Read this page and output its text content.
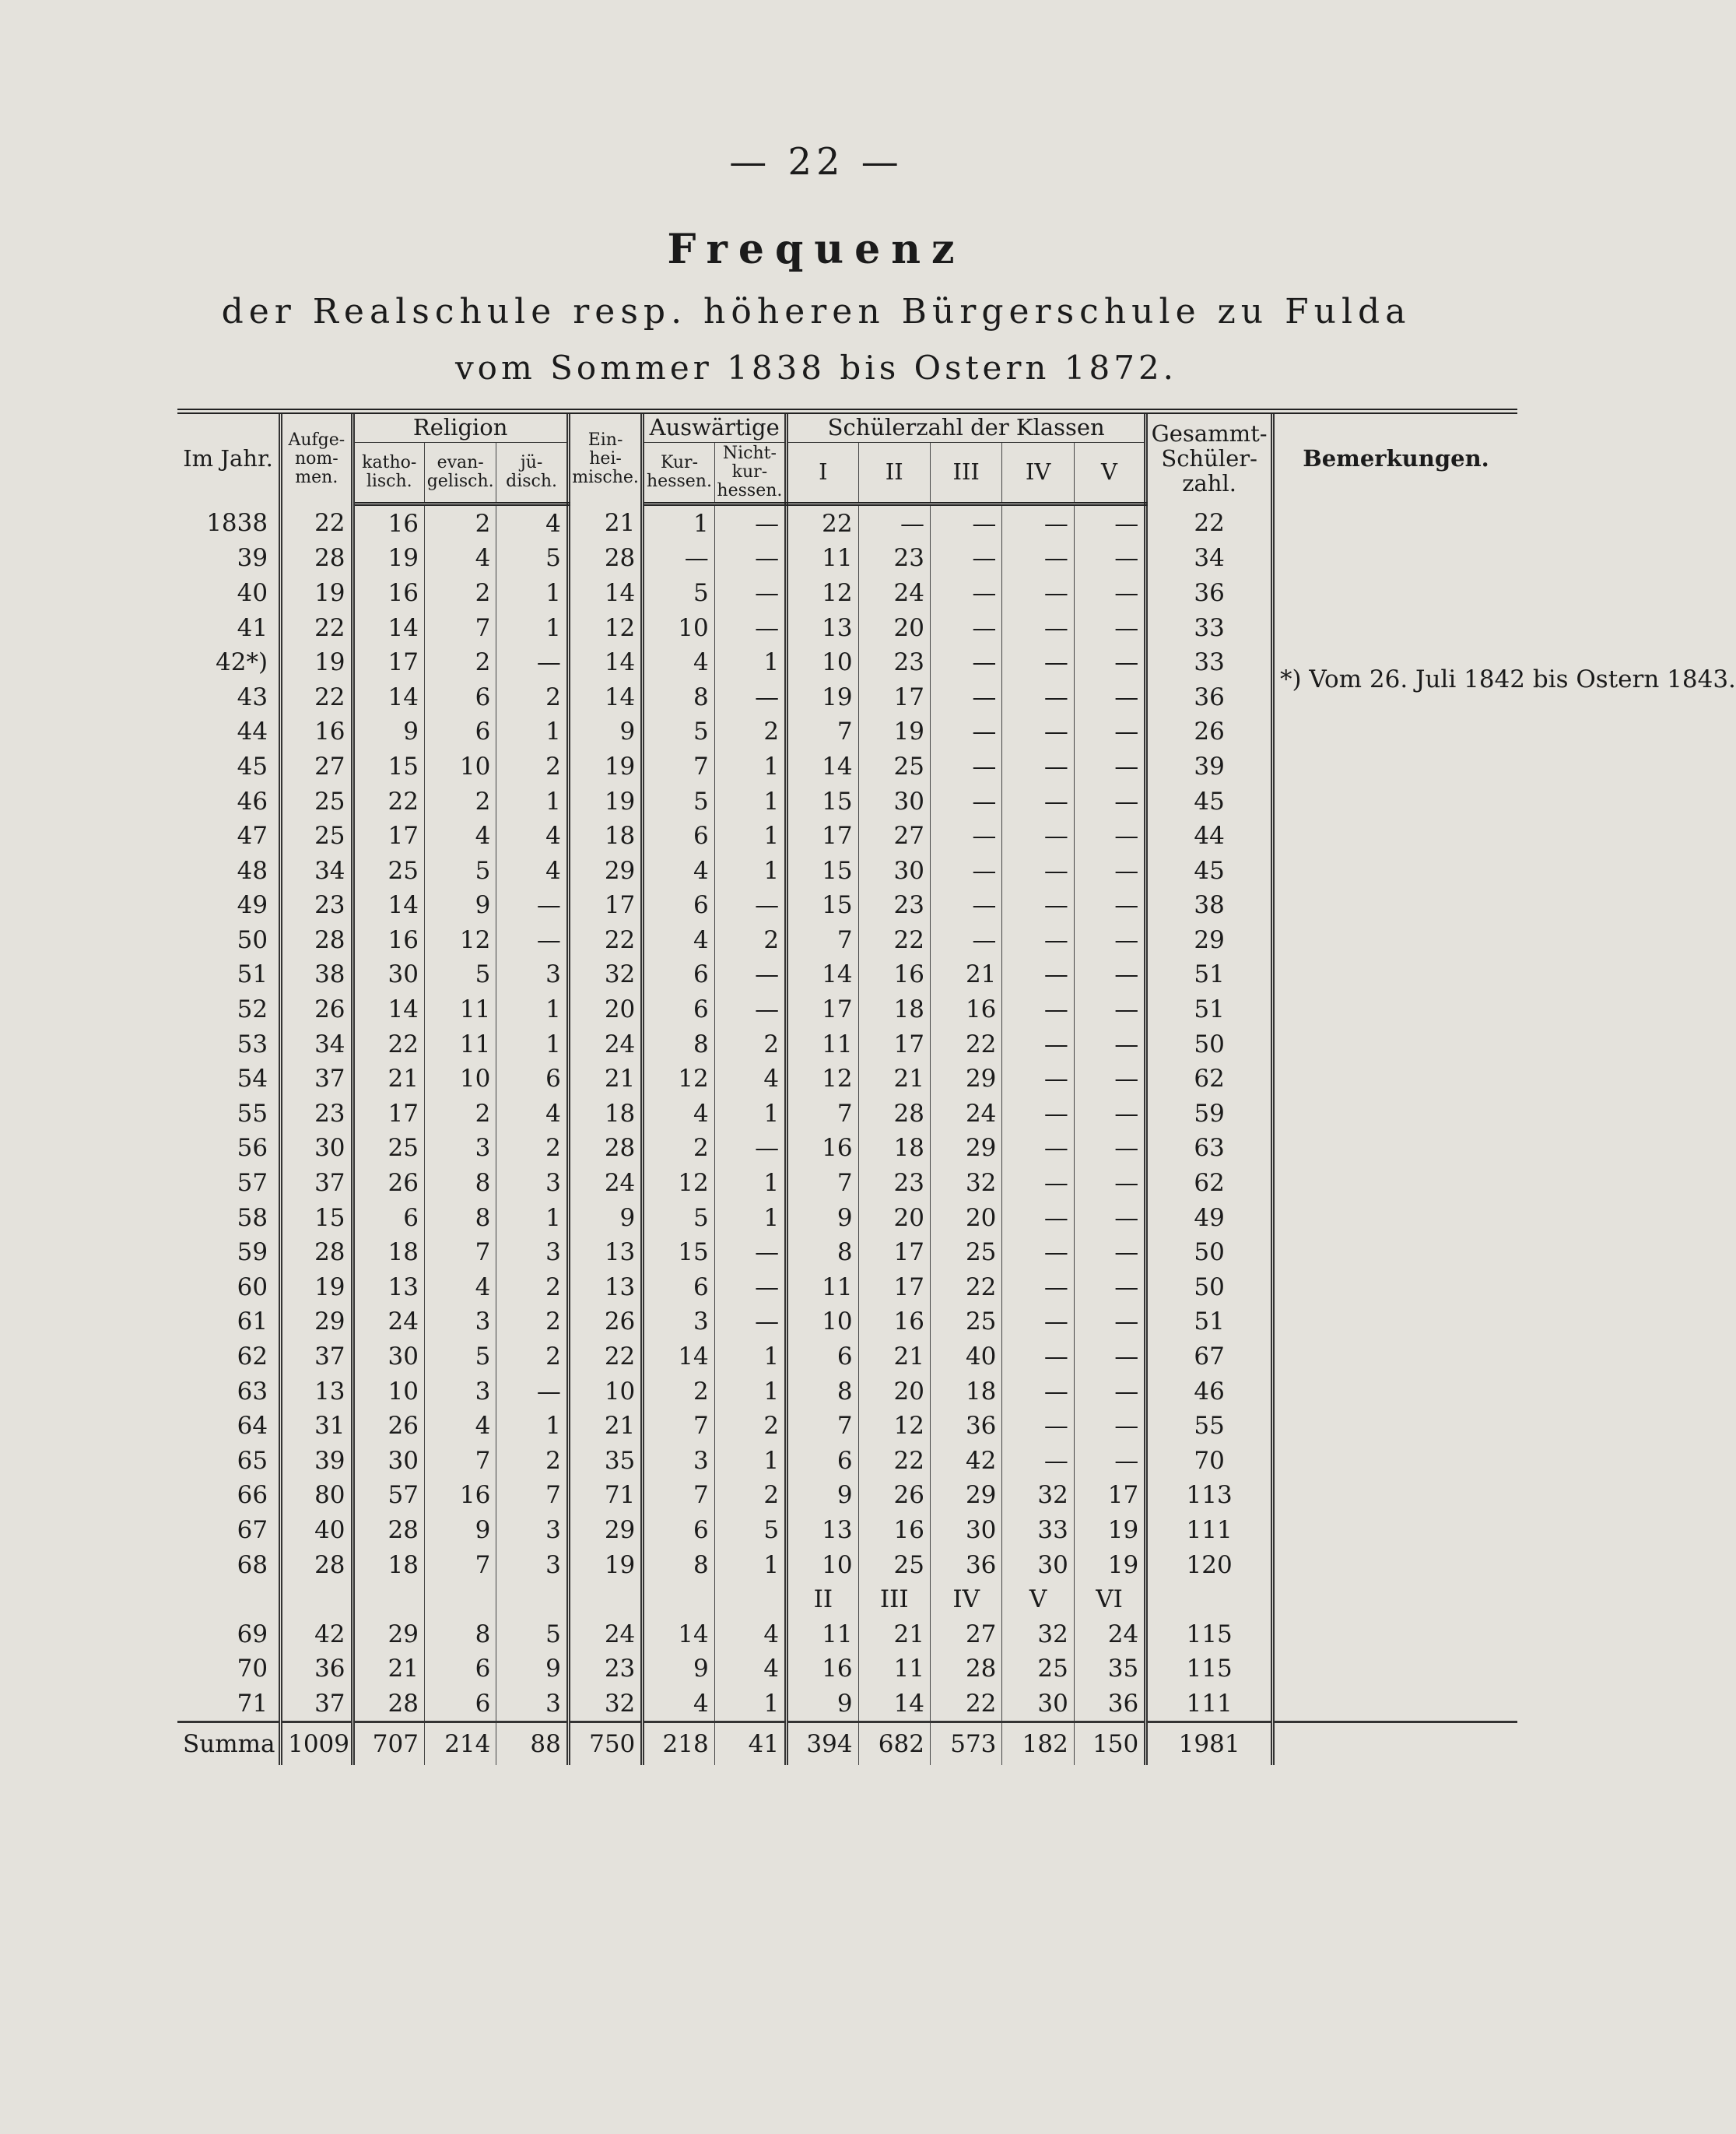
— 22 —
Frequenz
der Realschule resp. höheren Bürgerschule zu Fulda
vom Sommer 1838 bis Ostern 1872.
Im Jahr.	Aufge- nom- men.	Religion			Ein- hei- mische.	Auswärtige		Schülerzahl der Klassen					Gesammt- Schüler- zahl.	Bemerkungen.
		katho- lisch.	evan- gelisch.	jü- disch.		Kur- hessen.	Nicht- kur- hessen.	I	II	III	IV	V		
1838	22	16	2	4	21	1	—	22	—	—	—	—	22	
39	28	19	4	5	28	—	—	11	23	—	—	—	34	
40	19	16	2	1	14	5	—	12	24	—	—	—	36	
41	22	14	7	1	12	10	—	13	20	—	—	—	33	
42*)	19	17	2	—	14	4	1	10	23	—	—	—	33	*) Vom 26. Juli 1842 bis Ostern 1843.
43	22	14	6	2	14	8	—	19	17	—	—	—	36	
44	16	9	6	1	9	5	2	7	19	—	—	—	26	
45	27	15	10	2	19	7	1	14	25	—	—	—	39	
46	25	22	2	1	19	5	1	15	30	—	—	—	45	
47	25	17	4	4	18	6	1	17	27	—	—	—	44	
48	34	25	5	4	29	4	1	15	30	—	—	—	45	
49	23	14	9	—	17	6	—	15	23	—	—	—	38	
50	28	16	12	—	22	4	2	7	22	—	—	—	29	
51	38	30	5	3	32	6	—	14	16	21	—	—	51	
52	26	14	11	1	20	6	—	17	18	16	—	—	51	
53	34	22	11	1	24	8	2	11	17	22	—	—	50	
54	37	21	10	6	21	12	4	12	21	29	—	—	62	
55	23	17	2	4	18	4	1	7	28	24	—	—	59	
56	30	25	3	2	28	2	—	16	18	29	—	—	63	
57	37	26	8	3	24	12	1	7	23	32	—	—	62	
58	15	6	8	1	9	5	1	9	20	20	—	—	49	
59	28	18	7	3	13	15	—	8	17	25	—	—	50	
60	19	13	4	2	13	6	—	11	17	22	—	—	50	
61	29	24	3	2	26	3	—	10	16	25	—	—	51	
62	37	30	5	2	22	14	1	6	21	40	—	—	67	
63	13	10	3	—	10	2	1	8	20	18	—	—	46	
64	31	26	4	1	21	7	2	7	12	36	—	—	55	
65	39	30	7	2	35	3	1	6	22	42	—	—	70	
66	80	57	16	7	71	7	2	9	26	29	32	17	113	
67	40	28	9	3	29	6	5	13	16	30	33	19	111	
68	28	18	7	3	19	8	1	10	25	36	30	19	120	
								II	III	IV	V	VI		
69	42	29	8	5	24	14	4	11	21	27	32	24	115	
70	36	21	6	9	23	9	4	16	11	28	25	35	115	
71	37	28	6	3	32	4	1	9	14	22	30	36	111	
Summa	1009	707	214	88	750	218	41	394	682	573	182	150	1981	
